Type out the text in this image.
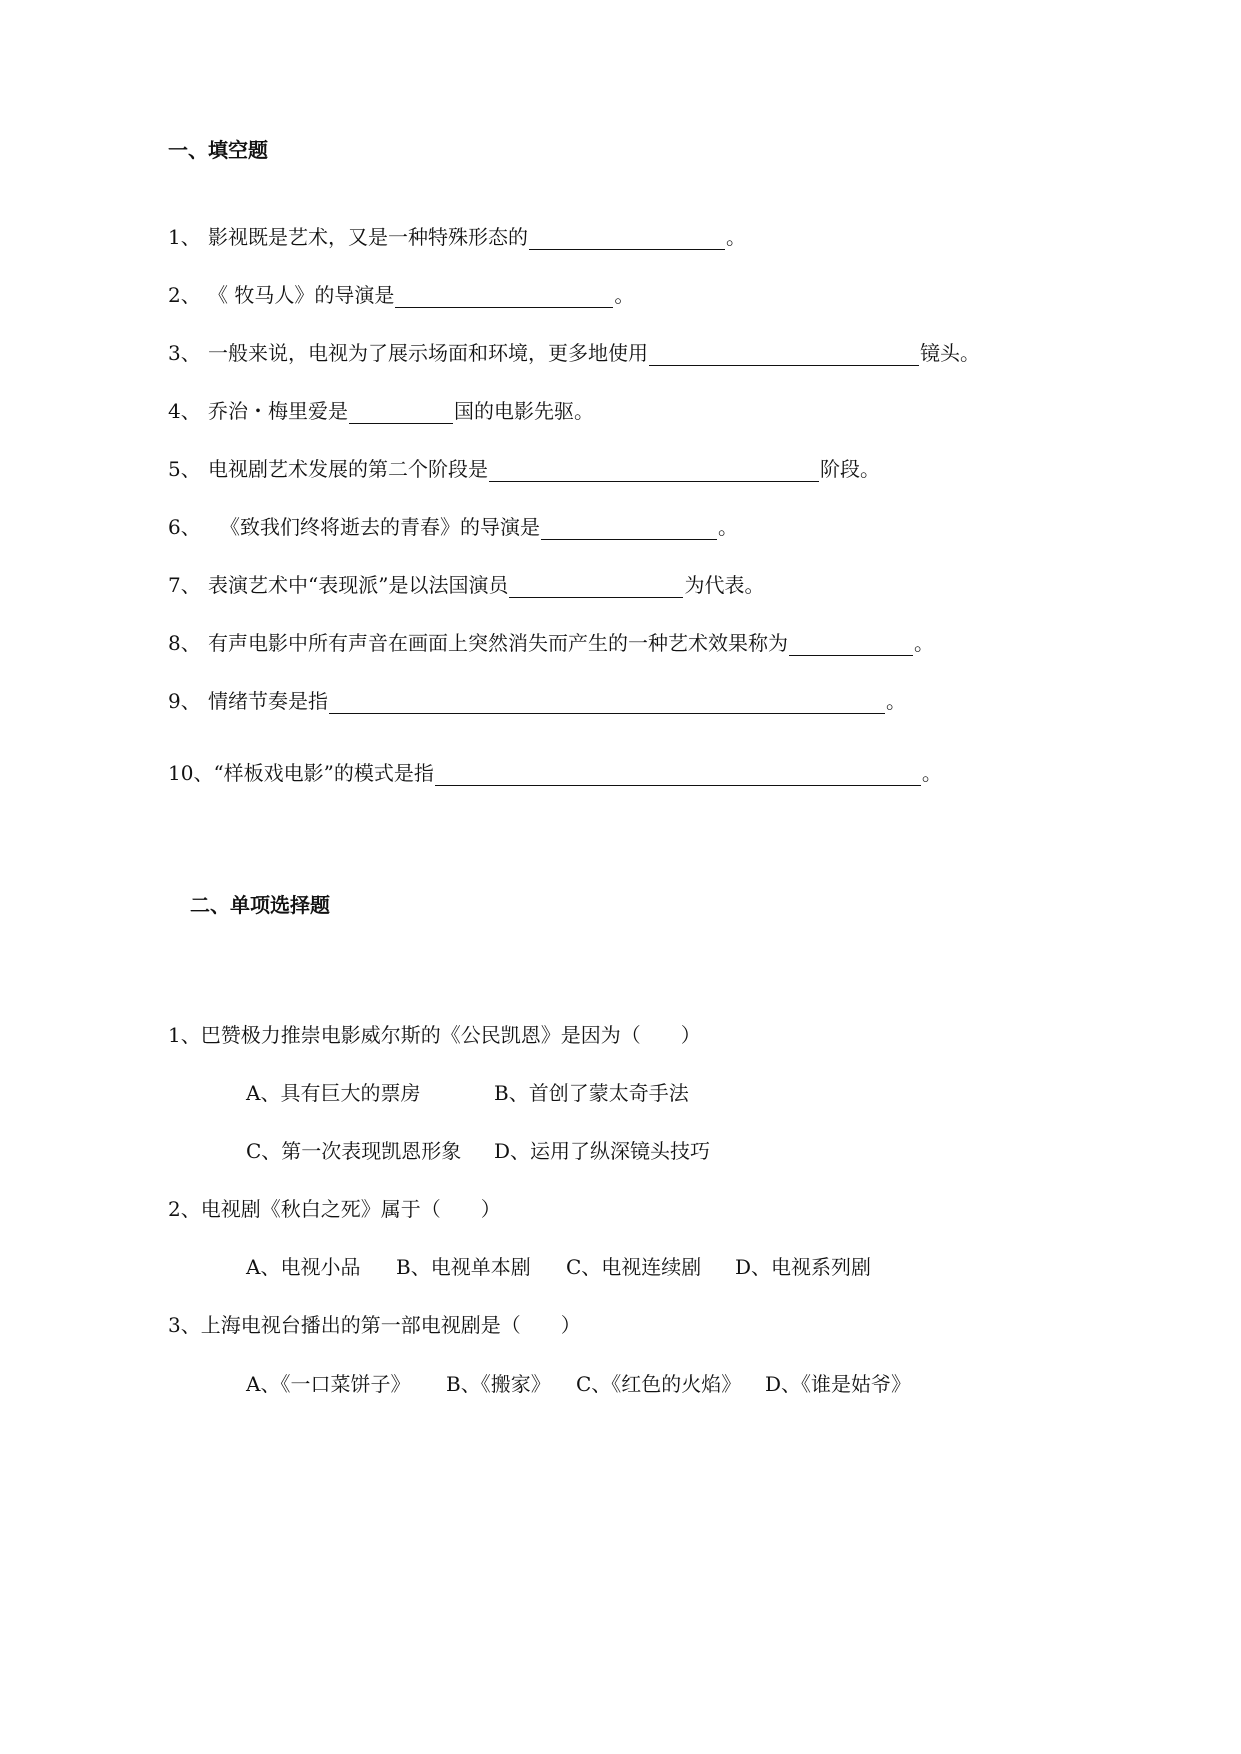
一、填空题
1、 影视既是艺术，又是一种特殊形态的	。
2、 《 牧马人》的导演是	。
3、 一般来说，电视为了展示场面和环境，更多地使用	镜头。
4、 乔治・梅里爱是	国的电影先驱。
5、 电视剧艺术发展的第二个阶段是	阶段。
6、 《致我们终将逝去的青春》的导演是	。
7、 表演艺术中“表现派”是以法国演员	为代表。
8、 有声电影中所有声音在画面上突然消失而产生的一种艺术效果称为	。
9、 情绪节奏是指	。
10、 “样板戏电影”的模式是指	。
二、单项选择题
1、巴赞极力推崇电影威尔斯的《公民凯恩》是因为（　　）
A、具有巨大的票房	B、首创了蒙太奇手法
C、第一次表现凯恩形象 D、运用了纵深镜头技巧
2、电视剧《秋白之死》属于（　　）
A、电视小品 B、电视单本剧 C、电视连续剧 D、电视系列剧
3、上海电视台播出的第一部电视剧是（　　）
A、《一口菜饼子》 B、《搬家》 C、《红色的火焰》 D、《谁是姑爷》
